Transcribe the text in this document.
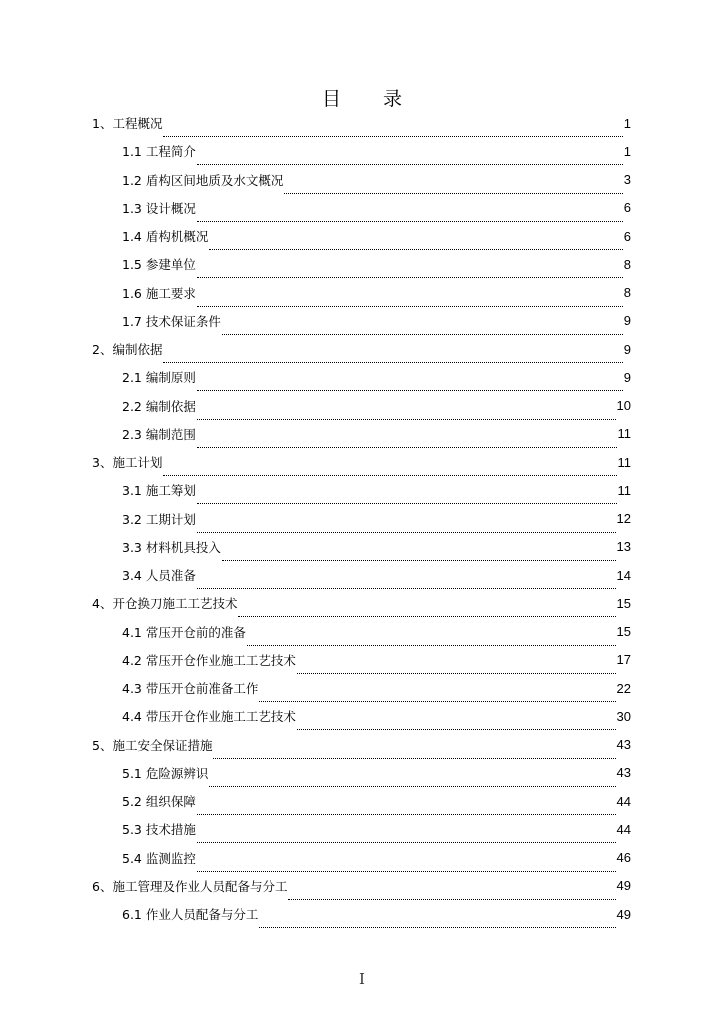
目 录
1、工程概况	1
1.1 工程简介	1
1.2 盾构区间地质及水文概况	3
1.3 设计概况	6
1.4 盾构机概况	6
1.5 参建单位	8
1.6 施工要求	8
1.7 技术保证条件	9
2、编制依据	9
2.1 编制原则	9
2.2 编制依据	10
2.3 编制范围	11
3、施工计划	11
3.1 施工筹划	11
3.2 工期计划	12
3.3 材料机具投入	13
3.4 人员准备	14
4、开仓换刀施工工艺技术	15
4.1 常压开仓前的准备	15
4.2 常压开仓作业施工工艺技术	17
4.3 带压开仓前准备工作	22
4.4 带压开仓作业施工工艺技术	30
5、施工安全保证措施	43
5.1 危险源辨识	43
5.2 组织保障	44
5.3 技术措施	44
5.4 监测监控	46
6、施工管理及作业人员配备与分工	49
6.1 作业人员配备与分工	49
I
